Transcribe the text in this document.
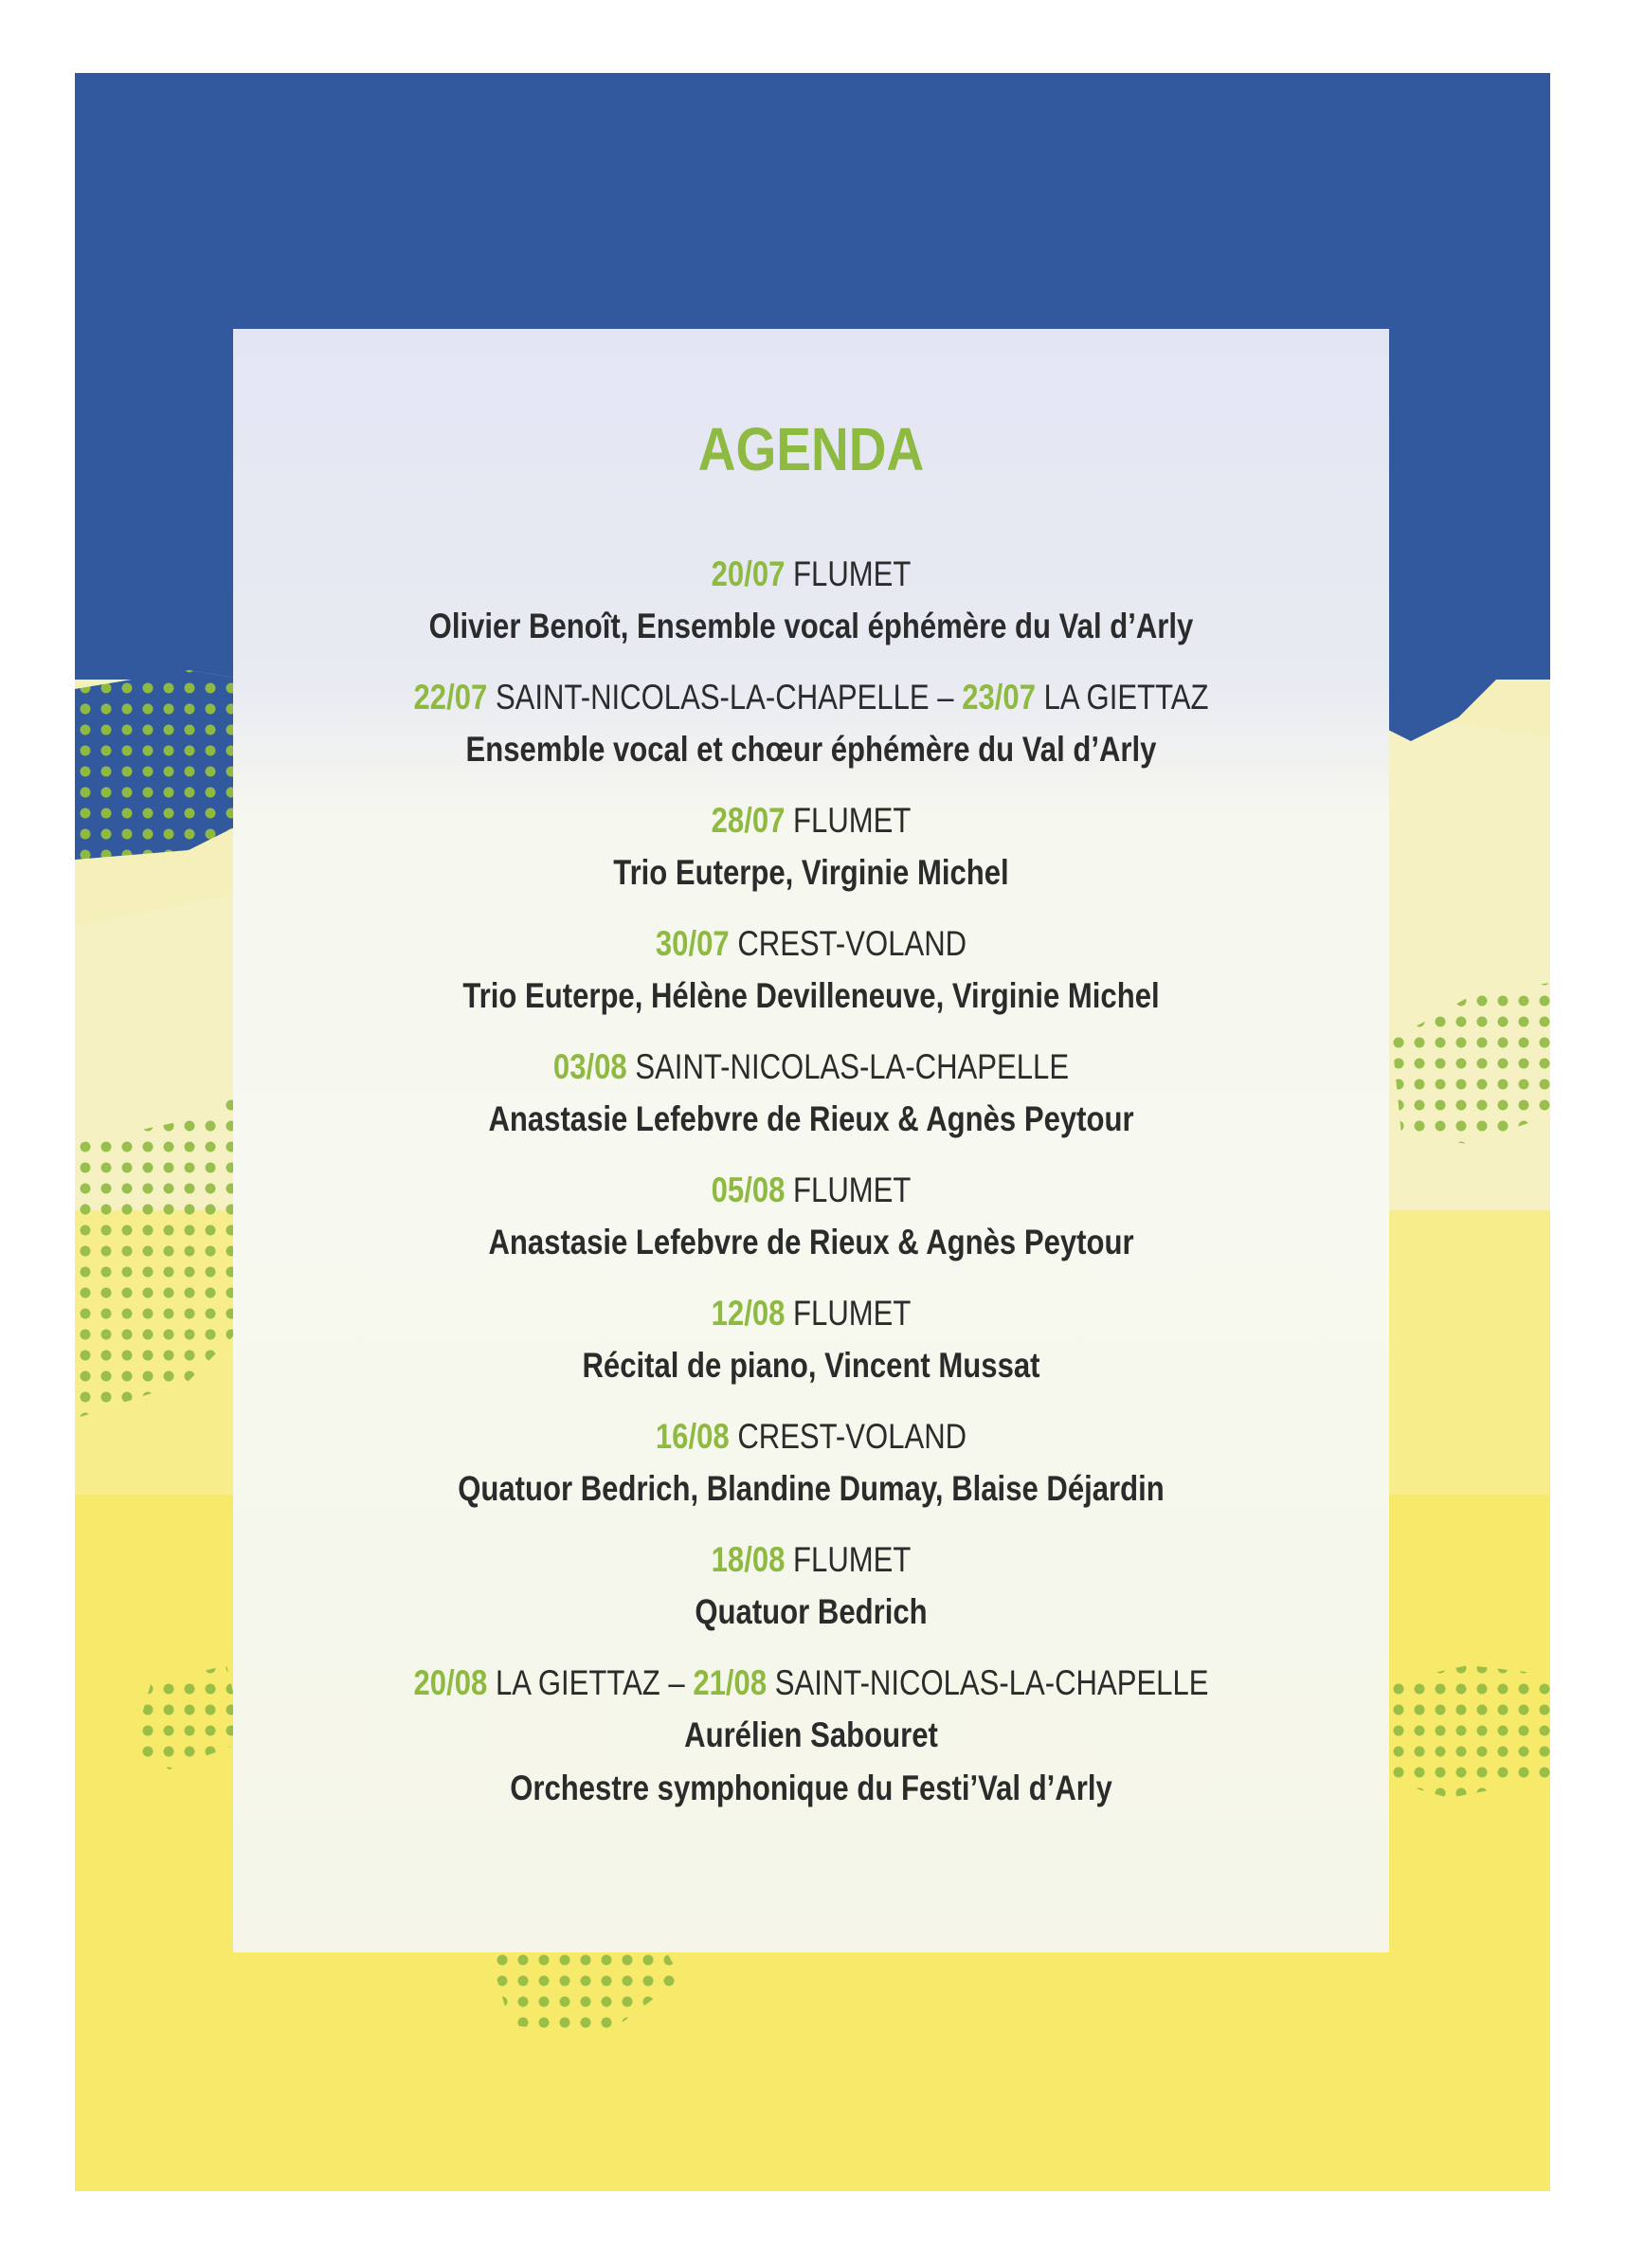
AGENDA
20/07 FLUMET
Olivier Benoît, Ensemble vocal éphémère du Val d’Arly
22/07 SAINT-NICOLAS-LA-CHAPELLE – 23/07 LA GIETTAZ
Ensemble vocal et chœur éphémère du Val d’Arly
28/07 FLUMET
Trio Euterpe, Virginie Michel
30/07 CREST-VOLAND
Trio Euterpe, Hélène Devilleneuve, Virginie Michel
03/08 SAINT-NICOLAS-LA-CHAPELLE
Anastasie Lefebvre de Rieux & Agnès Peytour
05/08 FLUMET
Anastasie Lefebvre de Rieux & Agnès Peytour
12/08 FLUMET
Récital de piano, Vincent Mussat
16/08 CREST-VOLAND
Quatuor Bedrich, Blandine Dumay, Blaise Déjardin
18/08 FLUMET
Quatuor Bedrich
20/08 LA GIETTAZ – 21/08 SAINT-NICOLAS-LA-CHAPELLE
Aurélien Sabouret
Orchestre symphonique du Festi’Val d’Arly
